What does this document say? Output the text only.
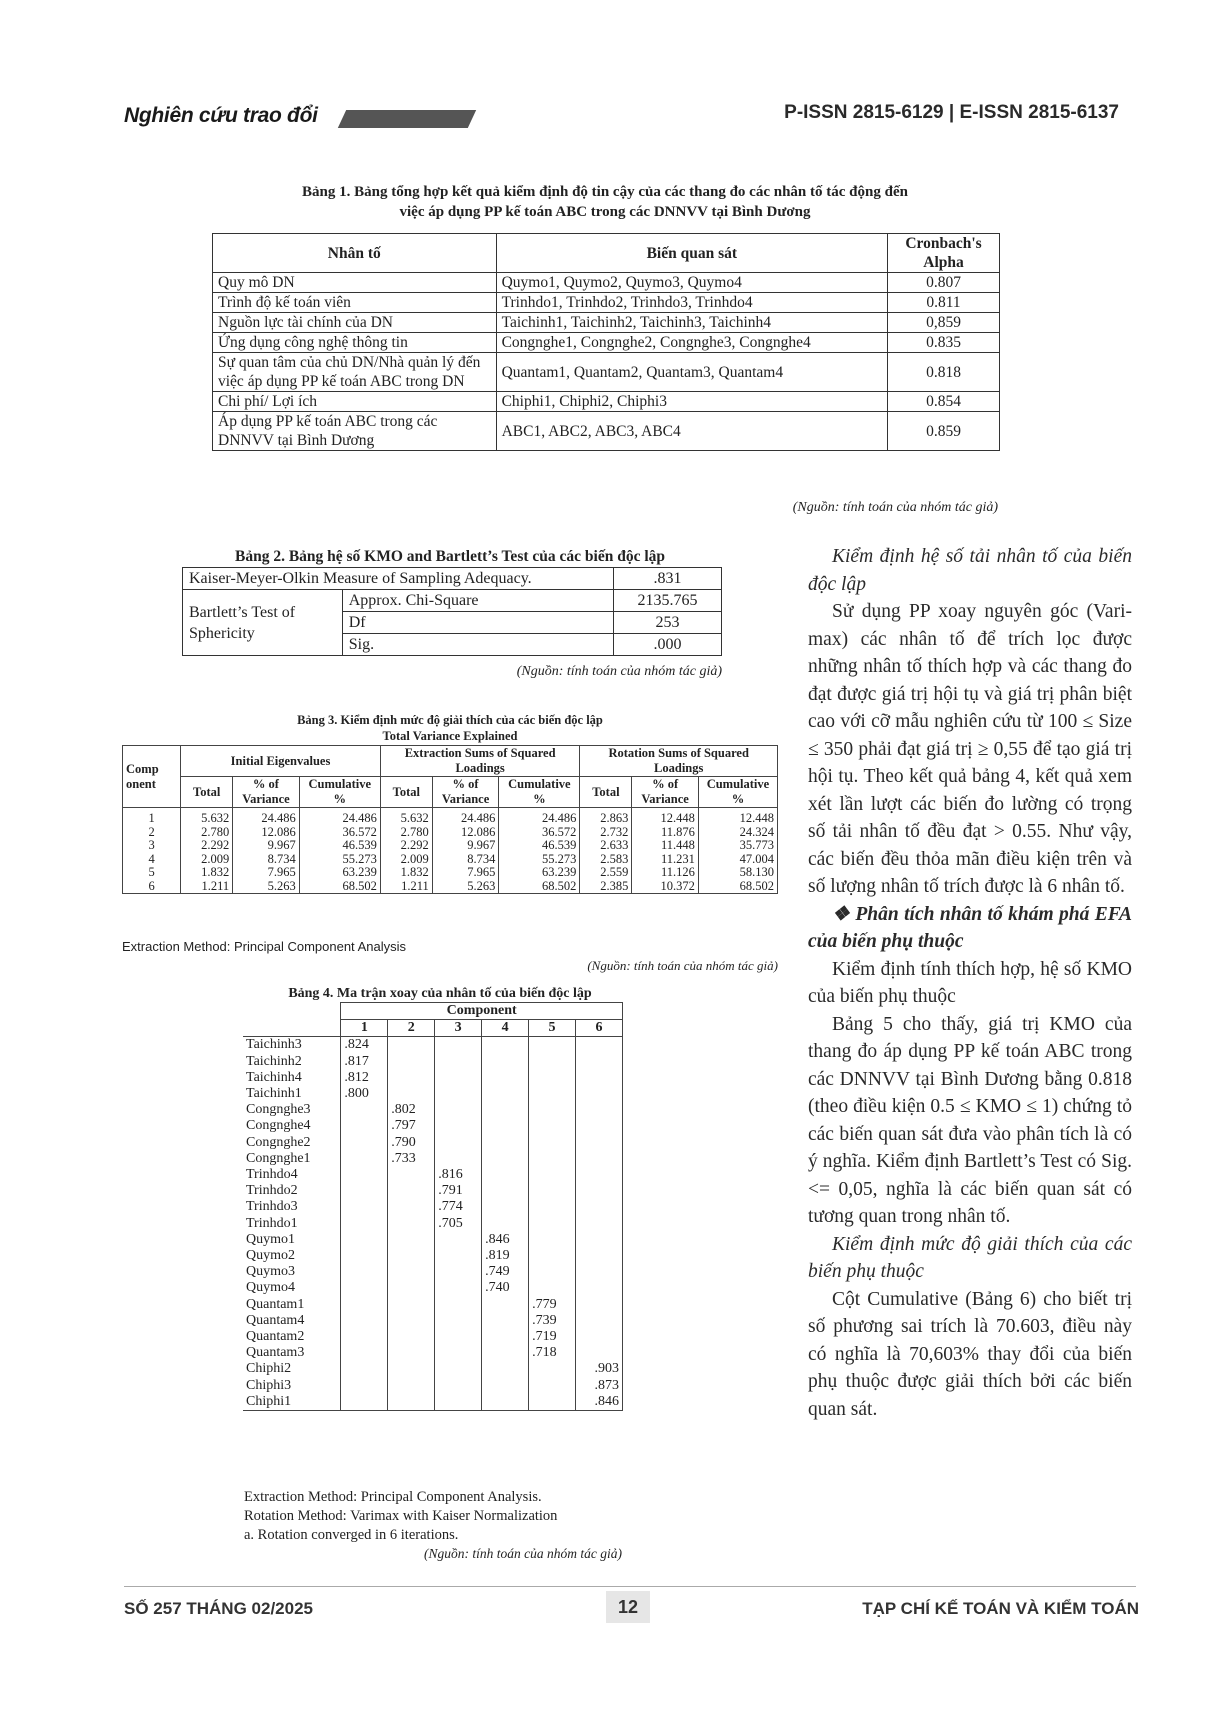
Nghiên cứu trao đổi	P-ISSN 2815-6129 | E-ISSN 2815-6137
Bảng 1. Bảng tổng hợp kết quả kiểm định độ tin cậy của các thang đo các nhân tố tác động đến
việc áp dụng PP kế toán ABC trong các DNNVV tại Bình Dương
Nhân tố	Biến quan sát	Cronbach's Alpha
Quy mô DN	Quymo1, Quymo2, Quymo3, Quymo4	0.807
Trình độ kế toán viên	Trinhdo1, Trinhdo2, Trinhdo3, Trinhdo4	0.811
Nguồn lực tài chính của DN	Taichinh1, Taichinh2, Taichinh3, Taichinh4	0,859
Ứng dụng công nghệ thông tin	Congnghe1, Congnghe2, Congnghe3, Congnghe4	0.835
Sự quan tâm của chủ DN/Nhà quản lý đến việc áp dụng PP kế toán ABC trong DN	Quantam1, Quantam2, Quantam3, Quantam4	0.818
Chi phí/ Lợi ích	Chiphi1, Chiphi2, Chiphi3	0.854
Áp dụng PP kế toán ABC trong các DNNVV tại Bình Dương	ABC1, ABC2, ABC3, ABC4	0.859
(Nguồn: tính toán của nhóm tác giả)
Bảng 2. Bảng hệ số KMO and Bartlett’s Test của các biến độc lập
Kaiser-Meyer-Olkin Measure of Sampling Adequacy.		.831
Bartlett’s Test of Sphericity	Approx. Chi-Square	2135.765
	Df	253
	Sig.	.000
(Nguồn: tính toán của nhóm tác giả)
Bảng 3. Kiểm định mức độ giải thích của các biến độc lập
Total Variance Explained
Comp onent	Initial Eigenvalues			Extraction Sums of Squared Loadings			Rotation Sums of Squared Loadings		
	Total	% of Variance	Cumulative %	Total	% of Variance	Cumulative %	Total	% of Variance	Cumulative %
1	5.632	24.486	24.486	5.632	24.486	24.486	2.863	12.448	12.448
2	2.780	12.086	36.572	2.780	12.086	36.572	2.732	11.876	24.324
3	2.292	9.967	46.539	2.292	9.967	46.539	2.633	11.448	35.773
4	2.009	8.734	55.273	2.009	8.734	55.273	2.583	11.231	47.004
5	1.832	7.965	63.239	1.832	7.965	63.239	2.559	11.126	58.130
6	1.211	5.263	68.502	1.211	5.263	68.502	2.385	10.372	68.502
Extraction Method: Principal Component Analysis
(Nguồn: tính toán của nhóm tác giả)
Bảng 4. Ma trận xoay của nhân tố của biến độc lập
	Component					
	1	2	3	4	5	6
Taichinh3	.824					
Taichinh2	.817					
Taichinh4	.812					
Taichinh1	.800					
Congnghe3		.802				
Congnghe4		.797				
Congnghe2		.790				
Congnghe1		.733				
Trinhdo4			.816			
Trinhdo2			.791			
Trinhdo3			.774			
Trinhdo1			.705			
Quymo1				.846		
Quymo2				.819		
Quymo3				.749		
Quymo4				.740		
Quantam1					.779	
Quantam4					.739	
Quantam2					.719	
Quantam3					.718	
Chiphi2						.903
Chiphi3						.873
Chiphi1						.846
Extraction Method: Principal Component Analysis.
Rotation Method: Varimax with Kaiser Normalization
a. Rotation converged in 6 iterations.
(Nguồn: tính toán của nhóm tác giả)

Kiểm định hệ số tải nhân tố của biến độc lập

Sử dụng PP xoay nguyên góc (Vari-max) các nhân tố để trích lọc được những nhân tố thích hợp và các thang đo đạt được giá trị hội tụ và giá trị phân biệt cao với cỡ mẫu nghiên cứu từ 100 ≤ Size ≤ 350 phải đạt giá trị ≥ 0,55 để tạo giá trị hội tụ. Theo kết quả bảng 4, kết quả xem xét lần lượt các biến đo lường có trọng số tải nhân tố đều đạt > 0.55. Như vậy, các biến đều thỏa mãn điều kiện trên và số lượng nhân tố trích được là 6 nhân tố.

❖ Phân tích nhân tố khám phá EFA của biến phụ thuộc

Kiểm định tính thích hợp, hệ số KMO của biến phụ thuộc

Bảng 5 cho thấy, giá trị KMO của thang đo áp dụng PP kế toán ABC trong các DNNVV tại Bình Dương bằng 0.818 (theo điều kiện 0.5 ≤ KMO ≤ 1) chứng tỏ các biến quan sát đưa vào phân tích là có ý nghĩa. Kiểm định Bartlett’s Test có Sig. <= 0,05, nghĩa là các biến quan sát có tương quan trong nhân tố.

Kiểm định mức độ giải thích của các biến phụ thuộc

Cột Cumulative (Bảng 6) cho biết trị số phương sai trích là 70.603, điều này có nghĩa là 70,603% thay đổi của biến phụ thuộc được giải thích bởi các biến quan sát.

SỐ 257 THÁNG 02/2025	12	TẠP CHÍ KẾ TOÁN VÀ KIỂM TOÁN
